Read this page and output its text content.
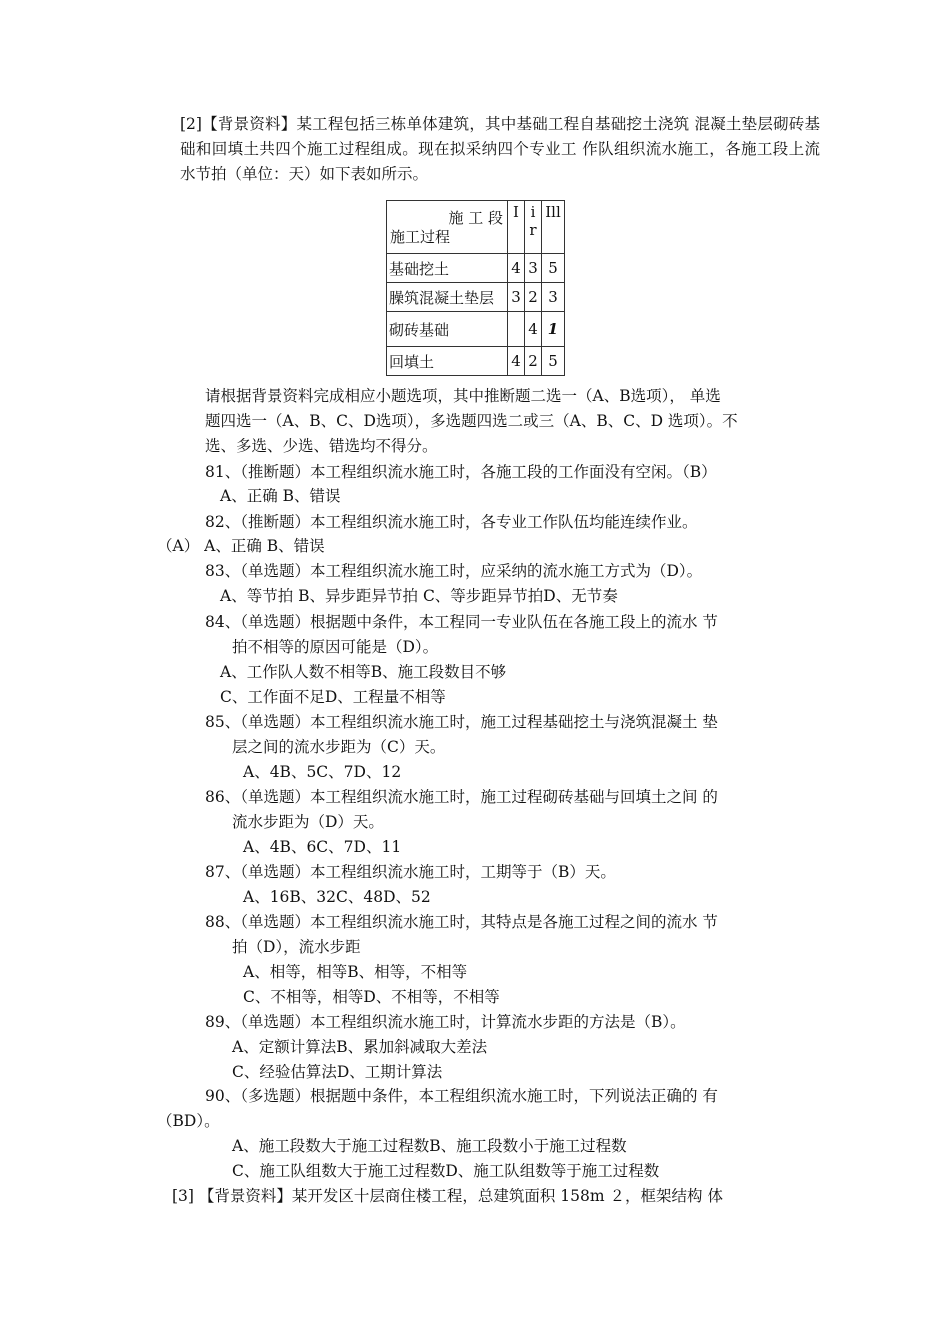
[2]【背景资料】某工程包括三栋单体建筑，其中基础工程自基础挖土浇筑 混凝土垫层砌砖基础和回填土共四个施工过程组成。现在拟采纳四个专业工 作队组织流水施工，各施工段上流水节拍（单位：天）如下表如所示。
施 工 段
施工过程	I	i r	Ill
基础挖土	4	3	5
臊筑混凝土垫层	3	2	3
砌砖基础		4	1
回填土	4	2	5
请根据背景资料完成相应小题选项，其中推断题二选一（A、B选项）， 单选
题四选一（A、B、C、D选项），多选题四选二或三（A、B、C、D 选项）。不
选、多选、少选、错选均不得分。
81、（推断题）本工程组织流水施工时，各施工段的工作面没有空闲。（B）
A、正确 B、错误
82、（推断题）本工程组织流水施工时，各专业工作队伍均能连续作业。
（A） A、正确 B、错误
83、（单选题）本工程组织流水施工时，应采纳的流水施工方式为（D）。
A、等节拍 B、异步距异节拍 C、等步距异节拍D、无节奏
84、（单选题）根据题中条件，本工程同一专业队伍在各施工段上的流水 节
拍不相等的原因可能是（D）。
A、工作队人数不相等B、施工段数目不够
C、工作面不足D、工程量不相等
85、（单选题）本工程组织流水施工时，施工过程基础挖土与浇筑混凝土 垫
层之间的流水步距为（C）天。
A、4B、5C、7D、12
86、（单选题）本工程组织流水施工时，施工过程砌砖基础与回填土之间 的
流水步距为（D）天。
A、4B、6C、7D、11
87、（单选题）本工程组织流水施工时，工期等于（B）天。
A、16B、32C、48D、52
88、（单选题）本工程组织流水施工时，其特点是各施工过程之间的流水 节
拍（D），流水步距
A、相等，相等B、相等，不相等
C、不相等，相等D、不相等，不相等
89、（单选题）本工程组织流水施工时，计算流水步距的方法是（B）。
A、定额计算法B、累加斜减取大差法
C、经验估算法D、工期计算法
90、（多选题）根据题中条件，本工程组织流水施工时，下列说法正确的 有
（BD）。
A、施工段数大于施工过程数B、施工段数小于施工过程数
C、施工队组数大于施工过程数D、施工队组数等于施工过程数
[3] 【背景资料】某开发区十层商住楼工程，总建筑面积 158m ２，框架结构 体
